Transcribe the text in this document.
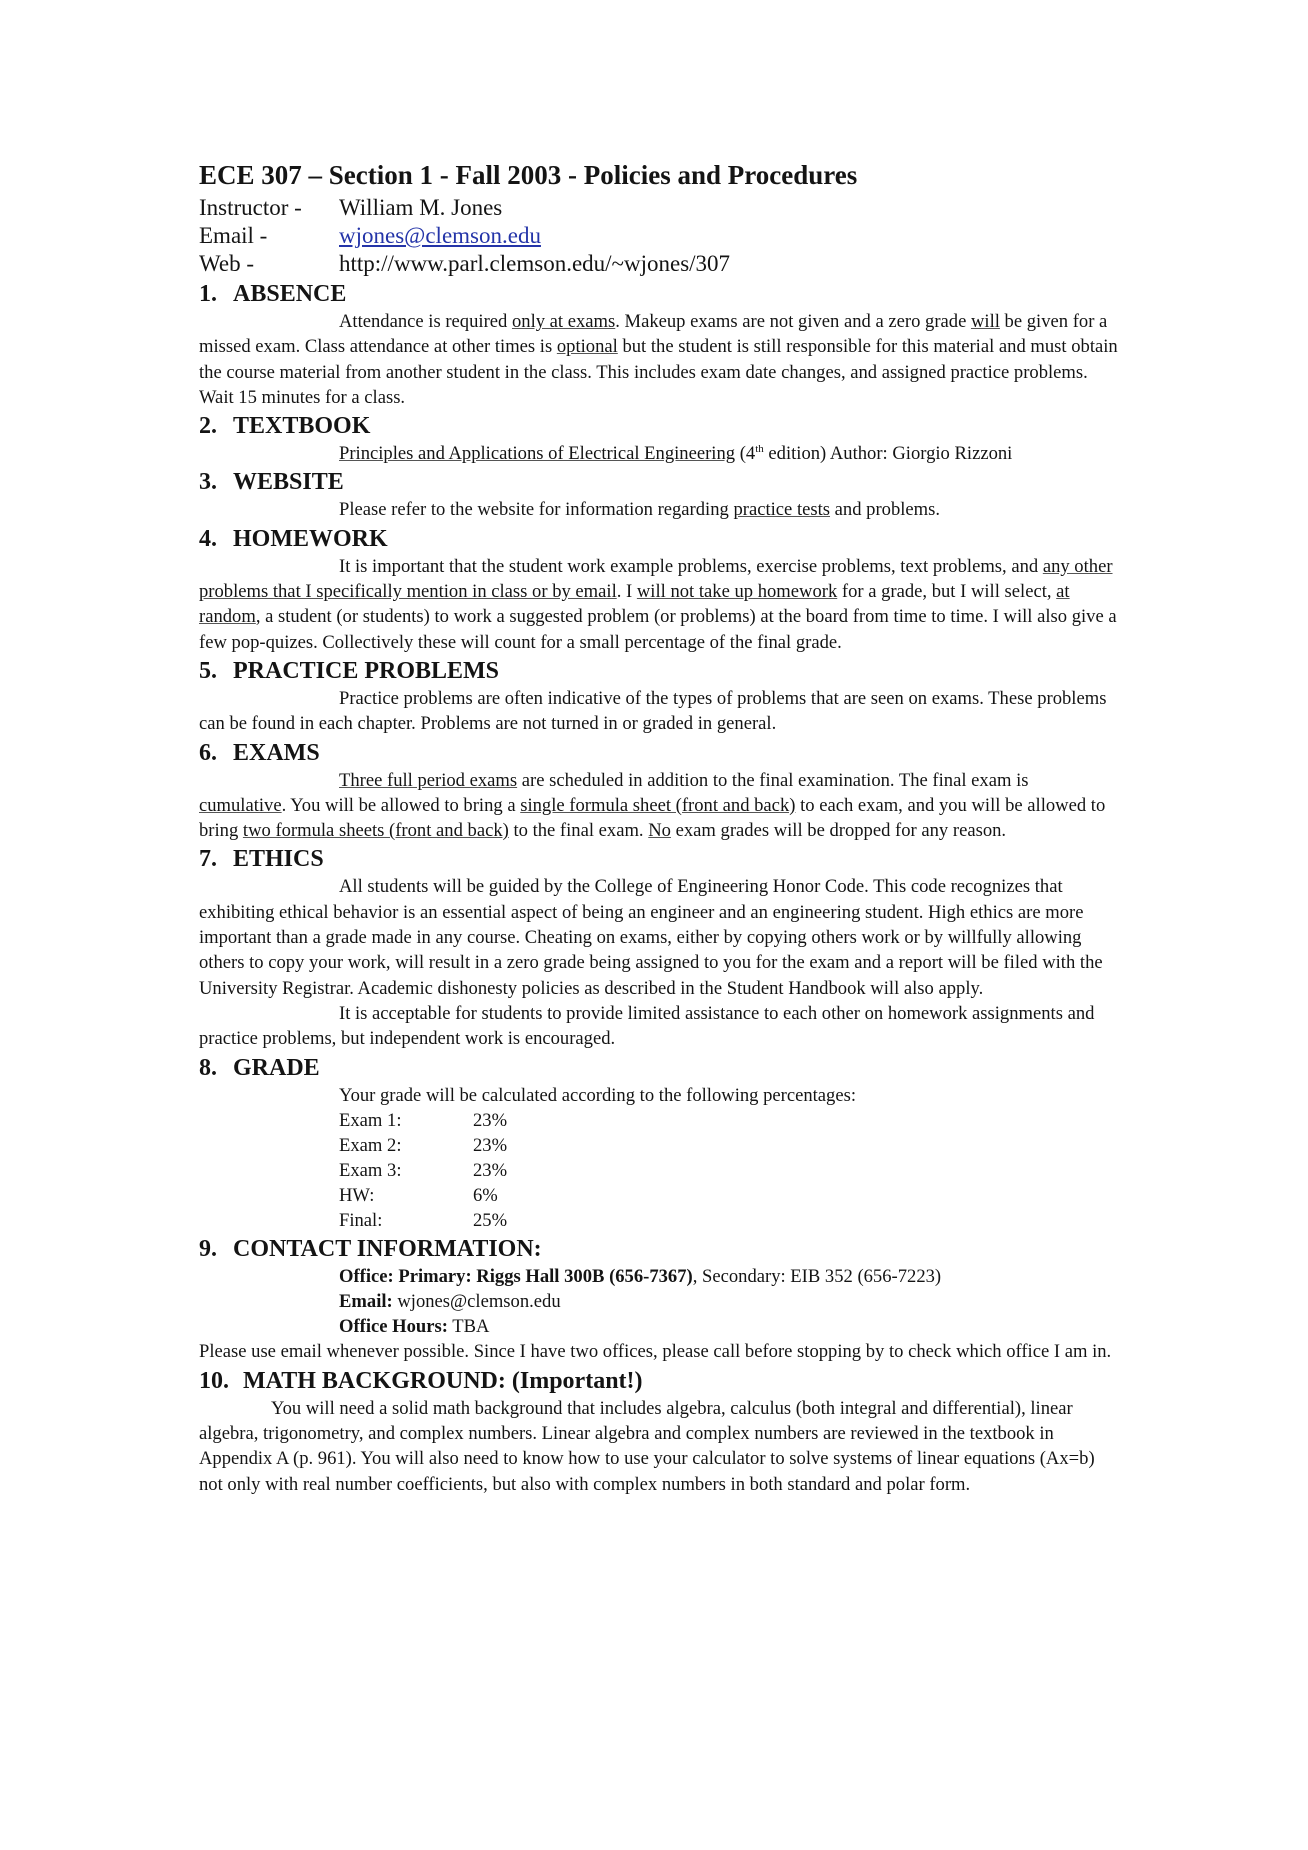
ECE 307 – Section 1 - Fall 2003 - Policies and Procedures
Instructor - William M. Jones
Email -	wjones@clemson.edu
Web -	http://www.parl.clemson.edu/~wjones/307
1. ABSENCE

Attendance is required only at exams. Makeup exams are not given and a zero grade will be given for a missed exam. Class attendance at other times is optional but the student is still responsible for this material and must obtain the course material from another student in the class. This includes exam date changes, and assigned practice problems. Wait 15 minutes for a class.

2. TEXTBOOK

Principles and Applications of Electrical Engineering (4th edition) Author: Giorgio Rizzoni

3. WEBSITE

Please refer to the website for information regarding practice tests and problems.

4. HOMEWORK

It is important that the student work example problems, exercise problems, text problems, and any other problems that I specifically mention in class or by email. I will not take up homework for a grade, but I will select, at random, a student (or students) to work a suggested problem (or problems) at the board from time to time. I will also give a few pop-quizes. Collectively these will count for a small percentage of the final grade.

5. PRACTICE PROBLEMS

Practice problems are often indicative of the types of problems that are seen on exams. These problems can be found in each chapter. Problems are not turned in or graded in general.

6. EXAMS

Three full period exams are scheduled in addition to the final examination. The final exam is cumulative. You will be allowed to bring a single formula sheet (front and back) to each exam, and you will be allowed to bring two formula sheets (front and back) to the final exam. No exam grades will be dropped for any reason.

7. ETHICS

All students will be guided by the College of Engineering Honor Code. This code recognizes that exhibiting ethical behavior is an essential aspect of being an engineer and an engineering student. High ethics are more important than a grade made in any course. Cheating on exams, either by copying others work or by willfully allowing others to copy your work, will result in a zero grade being assigned to you for the exam and a report will be filed with the University Registrar. Academic dishonesty policies as described in the Student Handbook will also apply.

It is acceptable for students to provide limited assistance to each other on homework assignments and practice problems, but independent work is encouraged.

8. GRADE
Your grade will be calculated according to the following percentages:
Exam 1:	23%
Exam 2:	23%
Exam 3:	23%
HW:	6%
Final:	25%
9. CONTACT INFORMATION:
Office: Primary: Riggs Hall 300B (656-7367), Secondary: EIB 352 (656-7223)
Email: wjones@clemson.edu
Office Hours: TBA

Please use email whenever possible. Since I have two offices, please call before stopping by to check which office I am in.

10. MATH BACKGROUND: (Important!)

You will need a solid math background that includes algebra, calculus (both integral and differential), linear algebra, trigonometry, and complex numbers. Linear algebra and complex numbers are reviewed in the textbook in Appendix A (p. 961). You will also need to know how to use your calculator to solve systems of linear equations (Ax=b) not only with real number coefficients, but also with complex numbers in both standard and polar form.
